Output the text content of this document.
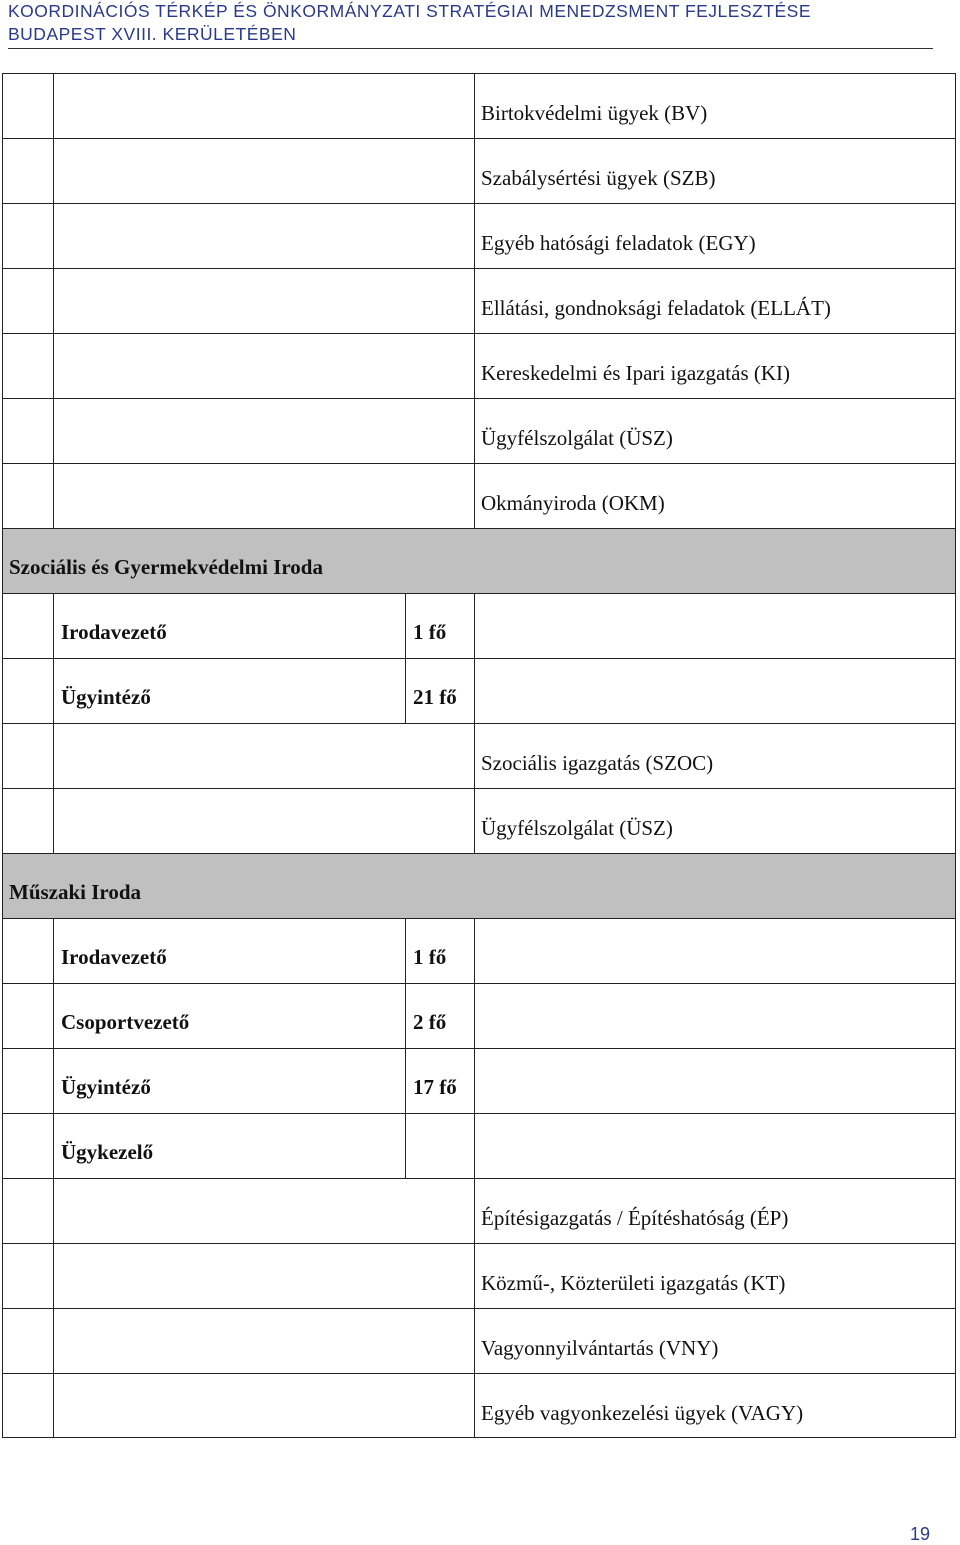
KOORDINÁCIÓS TÉRKÉP ÉS ÖNKORMÁNYZATI STRATÉGIAI MENEDZSMENT FEJLESZTÉSE
BUDAPEST XVIII. KERÜLETÉBEN
Birtokvédelmi ügyek (BV)
Szabálysértési ügyek (SZB)
Egyéb hatósági feladatok (EGY)
Ellátási, gondnoksági feladatok (ELLÁT)
Kereskedelmi és Ipari igazgatás (KI)
Ügyfélszolgálat (ÜSZ)
Okmányiroda (OKM)
Szociális és Gyermekvédelmi Iroda
Irodavezető	1 fő
Ügyintéző	21 fő
Szociális igazgatás (SZOC)
Ügyfélszolgálat (ÜSZ)
Műszaki Iroda
Irodavezető	1 fő
Csoportvezető	2 fő
Ügyintéző	17 fő
Ügykezelő
Építésigazgatás / Építéshatóság (ÉP)
Közmű-, Közterületi igazgatás (KT)
Vagyonnyilvántartás (VNY)
Egyéb vagyonkezelési ügyek (VAGY)
19
